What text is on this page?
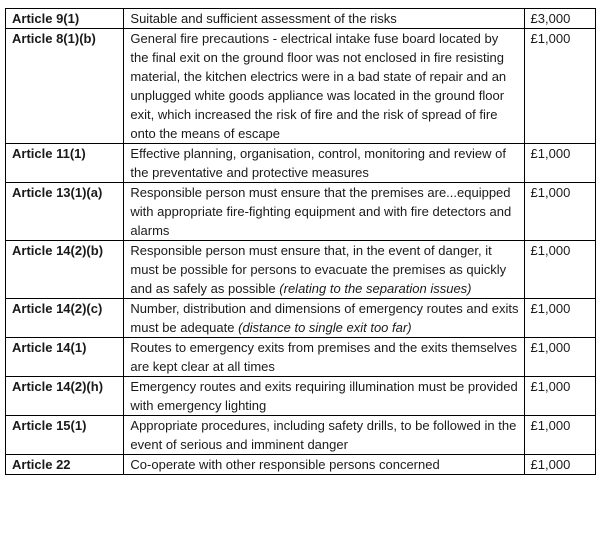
Article 9(1)	Suitable and sufficient assessment of the risks	£3,000
Article 8(1)(b)	General fire precautions - electrical intake fuse board located by the final exit on the ground floor was not enclosed in fire resisting material, the kitchen electrics were in a bad state of repair and an unplugged white goods appliance was located in the ground floor exit, which increased the risk of fire and the risk of spread of fire onto the means of escape	£1,000
Article 11(1)	Effective planning, organisation, control, monitoring and review of the preventative and protective measures	£1,000
Article 13(1)(a)	Responsible person must ensure that the premises are...equipped with appropriate fire-fighting equipment and with fire detectors and alarms	£1,000
Article 14(2)(b)	Responsible person must ensure that, in the event of danger, it must be possible for persons to evacuate the premises as quickly and as safely as possible (relating to the separation issues)	£1,000
Article 14(2)(c)	Number, distribution and dimensions of emergency routes and exits must be adequate (distance to single exit too far)	£1,000
Article 14(1)	Routes to emergency exits from premises and the exits themselves are kept clear at all times	£1,000
Article 14(2)(h)	Emergency routes and exits requiring illumination must be provided with emergency lighting	£1,000
Article 15(1)	Appropriate procedures, including safety drills, to be followed in the event of serious and imminent danger	£1,000
Article 22	Co-operate with other responsible persons concerned	£1,000
